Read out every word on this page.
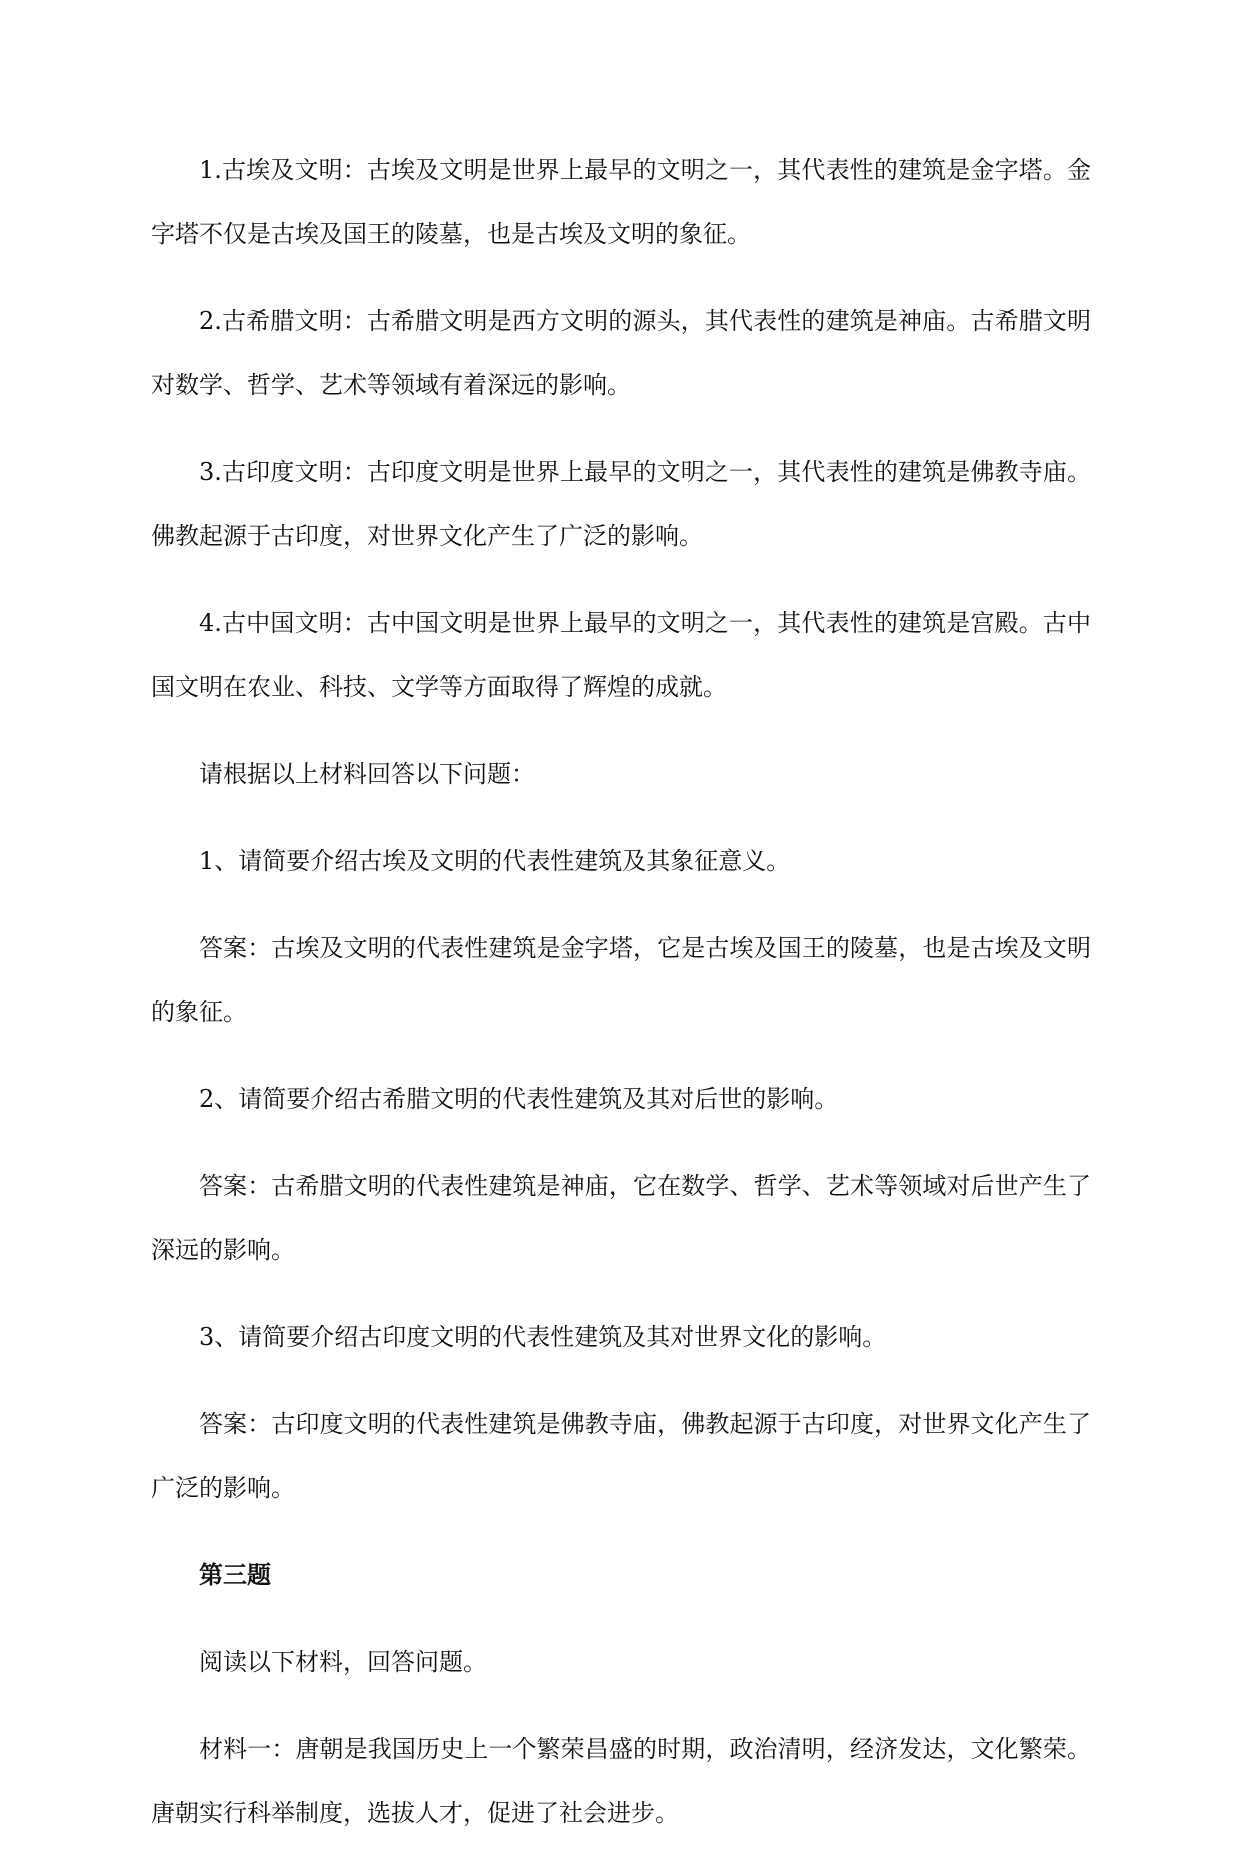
1.古埃及文明：古埃及文明是世界上最早的文明之一，其代表性的建筑是金字塔。金字塔不仅是古埃及国王的陵墓，也是古埃及文明的象征。

2.古希腊文明：古希腊文明是西方文明的源头，其代表性的建筑是神庙。古希腊文明对数学、哲学、艺术等领域有着深远的影响。

3.古印度文明：古印度文明是世界上最早的文明之一，其代表性的建筑是佛教寺庙。佛教起源于古印度，对世界文化产生了广泛的影响。

4.古中国文明：古中国文明是世界上最早的文明之一，其代表性的建筑是宫殿。古中国文明在农业、科技、文学等方面取得了辉煌的成就。

请根据以上材料回答以下问题：

1、请简要介绍古埃及文明的代表性建筑及其象征意义。

答案：古埃及文明的代表性建筑是金字塔，它是古埃及国王的陵墓，也是古埃及文明的象征。

2、请简要介绍古希腊文明的代表性建筑及其对后世的影响。

答案：古希腊文明的代表性建筑是神庙，它在数学、哲学、艺术等领域对后世产生了深远的影响。

3、请简要介绍古印度文明的代表性建筑及其对世界文化的影响。

答案：古印度文明的代表性建筑是佛教寺庙，佛教起源于古印度，对世界文化产生了广泛的影响。

第三题

阅读以下材料，回答问题。

材料一：唐朝是我国历史上一个繁荣昌盛的时期，政治清明，经济发达，文化繁荣。唐朝实行科举制度，选拔人才，促进了社会进步。
